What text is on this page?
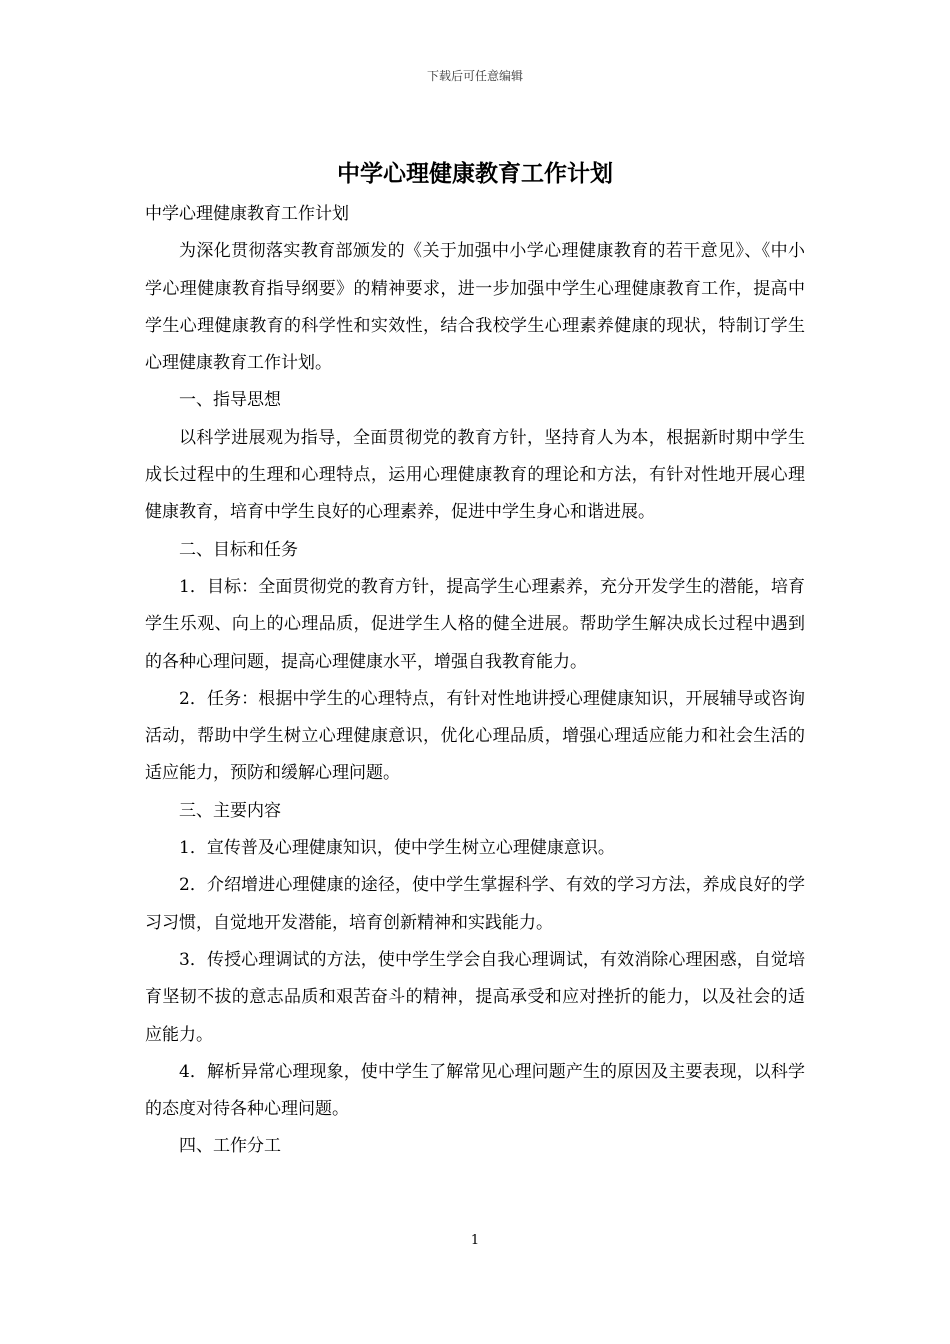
下载后可任意编辑
中学心理健康教育工作计划

中学心理健康教育工作计划

为深化贯彻落实教育部颁发的《关于加强中小学心理健康教育的若干意见》、《中小学心理健康教育指导纲要》的精神要求，进一步加强中学生心理健康教育工作，提高中学生心理健康教育的科学性和实效性，结合我校学生心理素养健康的现状，特制订学生心理健康教育工作计划。

一、指导思想

以科学进展观为指导，全面贯彻党的教育方针，坚持育人为本，根据新时期中学生成长过程中的生理和心理特点，运用心理健康教育的理论和方法，有针对性地开展心理健康教育，培育中学生良好的心理素养，促进中学生身心和谐进展。

二、目标和任务

1．目标：全面贯彻党的教育方针，提高学生心理素养，充分开发学生的潜能，培育学生乐观、向上的心理品质，促进学生人格的健全进展。帮助学生解决成长过程中遇到的各种心理问题，提高心理健康水平，增强自我教育能力。

2．任务：根据中学生的心理特点，有针对性地讲授心理健康知识，开展辅导或咨询活动，帮助中学生树立心理健康意识，优化心理品质，增强心理适应能力和社会生活的适应能力，预防和缓解心理问题。

三、主要内容

1．宣传普及心理健康知识，使中学生树立心理健康意识。

2．介绍增进心理健康的途径，使中学生掌握科学、有效的学习方法，养成良好的学习习惯，自觉地开发潜能，培育创新精神和实践能力。

3．传授心理调试的方法，使中学生学会自我心理调试，有效消除心理困惑，自觉培育坚韧不拔的意志品质和艰苦奋斗的精神，提高承受和应对挫折的能力，以及社会的适应能力。

4．解析异常心理现象，使中学生了解常见心理问题产生的原因及主要表现，以科学的态度对待各种心理问题。

四、工作分工

1
